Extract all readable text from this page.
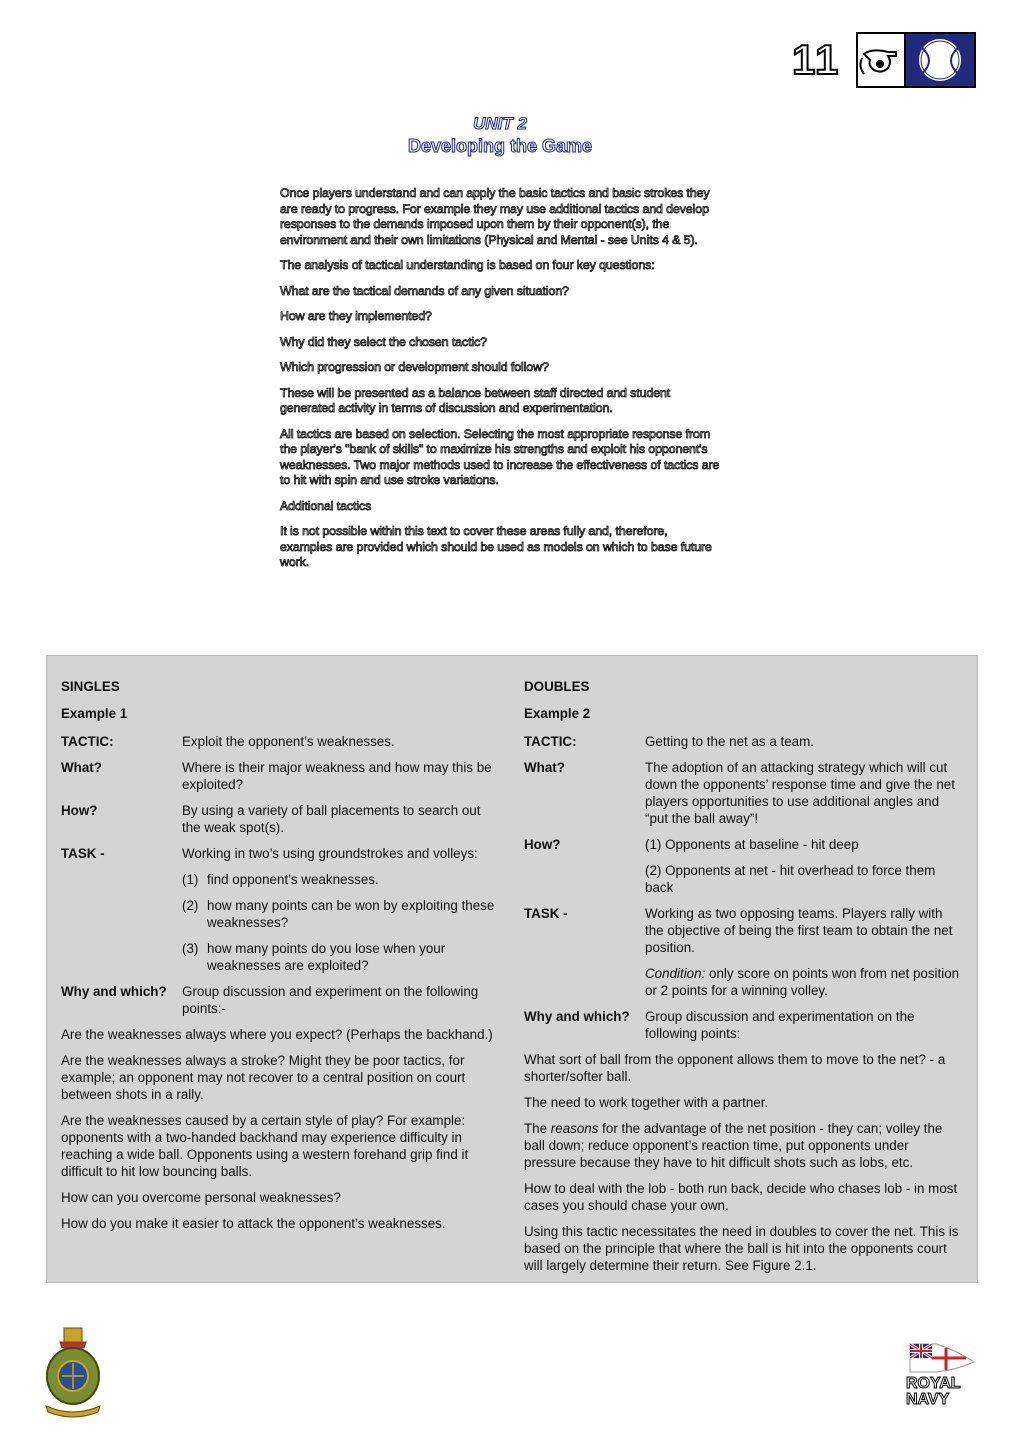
11
UNIT 2
Developing the Game

Once players understand and can apply the basic tactics and basic strokes they are ready to progress. For example they may use additional tactics and develop responses to the demands imposed upon them by their opponent(s), the environment and their own limitations (Physical and Mental - see Units 4 & 5).

The analysis of tactical understanding is based on four key questions:

What are the tactical demands of any given situation?

How are they implemented?

Why did they select the chosen tactic?

Which progression or development should follow?

These will be presented as a balance between staff directed and student generated activity in terms of discussion and experimentation.

All tactics are based on selection. Selecting the most appropriate response from the player's "bank of skills" to maximize his strengths and exploit his opponent's weaknesses. Two major methods used to increase the effectiveness of tactics are to hit with spin and use stroke variations.

Additional tactics

It is not possible within this text to cover these areas fully and, therefore, examples are provided which should be used as models on which to base future work.

SINGLES
Example 1
TACTIC:	Exploit the opponent’s weaknesses.
What?	Where is their major weakness and how may this be exploited?
How?	By using a variety of ball placements to search out the weak spot(s).
TASK -	Working in two’s using groundstrokes and volleys:
(1) find opponent’s weaknesses.
(2) how many points can be won by exploiting these weaknesses?
(3) how many points do you lose when your weaknesses are exploited?
Why and which?	Group discussion and experiment on the following points:-
Are the weaknesses always where you expect? (Perhaps the backhand.)
Are the weaknesses always a stroke? Might they be poor tactics, for example; an opponent may not recover to a central position on court between shots in a rally.
Are the weaknesses caused by a certain style of play? For example: opponents with a two-handed backhand may experience difficulty in reaching a wide ball. Opponents using a western forehand grip find it difficult to hit low bouncing balls.
How can you overcome personal weaknesses?
How do you make it easier to attack the opponent’s weaknesses.
DOUBLES
Example 2
TACTIC:	Getting to the net as a team.
What?	The adoption of an attacking strategy which will cut down the opponents’ response time and give the net players opportunities to use additional angles and “put the ball away”!
How?	(1) Opponents at baseline - hit deep
(2) Opponents at net - hit overhead to force them back
TASK -	Working as two opposing teams. Players rally with the objective of being the first team to obtain the net position.
Condition: only score on points won from net position or 2 points for a winning volley.
Why and which?	Group discussion and experimentation on the following points:
What sort of ball from the opponent allows them to move to the net? - a shorter/softer ball.
The need to work together with a partner.
The reasons for the advantage of the net position - they can; volley the ball down; reduce opponent’s reaction time, put opponents under pressure because they have to hit difficult shots such as lobs, etc.
How to deal with the lob - both run back, decide who chases lob - in most cases you should chase your own.
Using this tactic necessitates the need in doubles to cover the net. This is based on the principle that where the ball is hit into the opponents court will largely determine their return. See Figure 2.1.
ROYAL
NAVY
